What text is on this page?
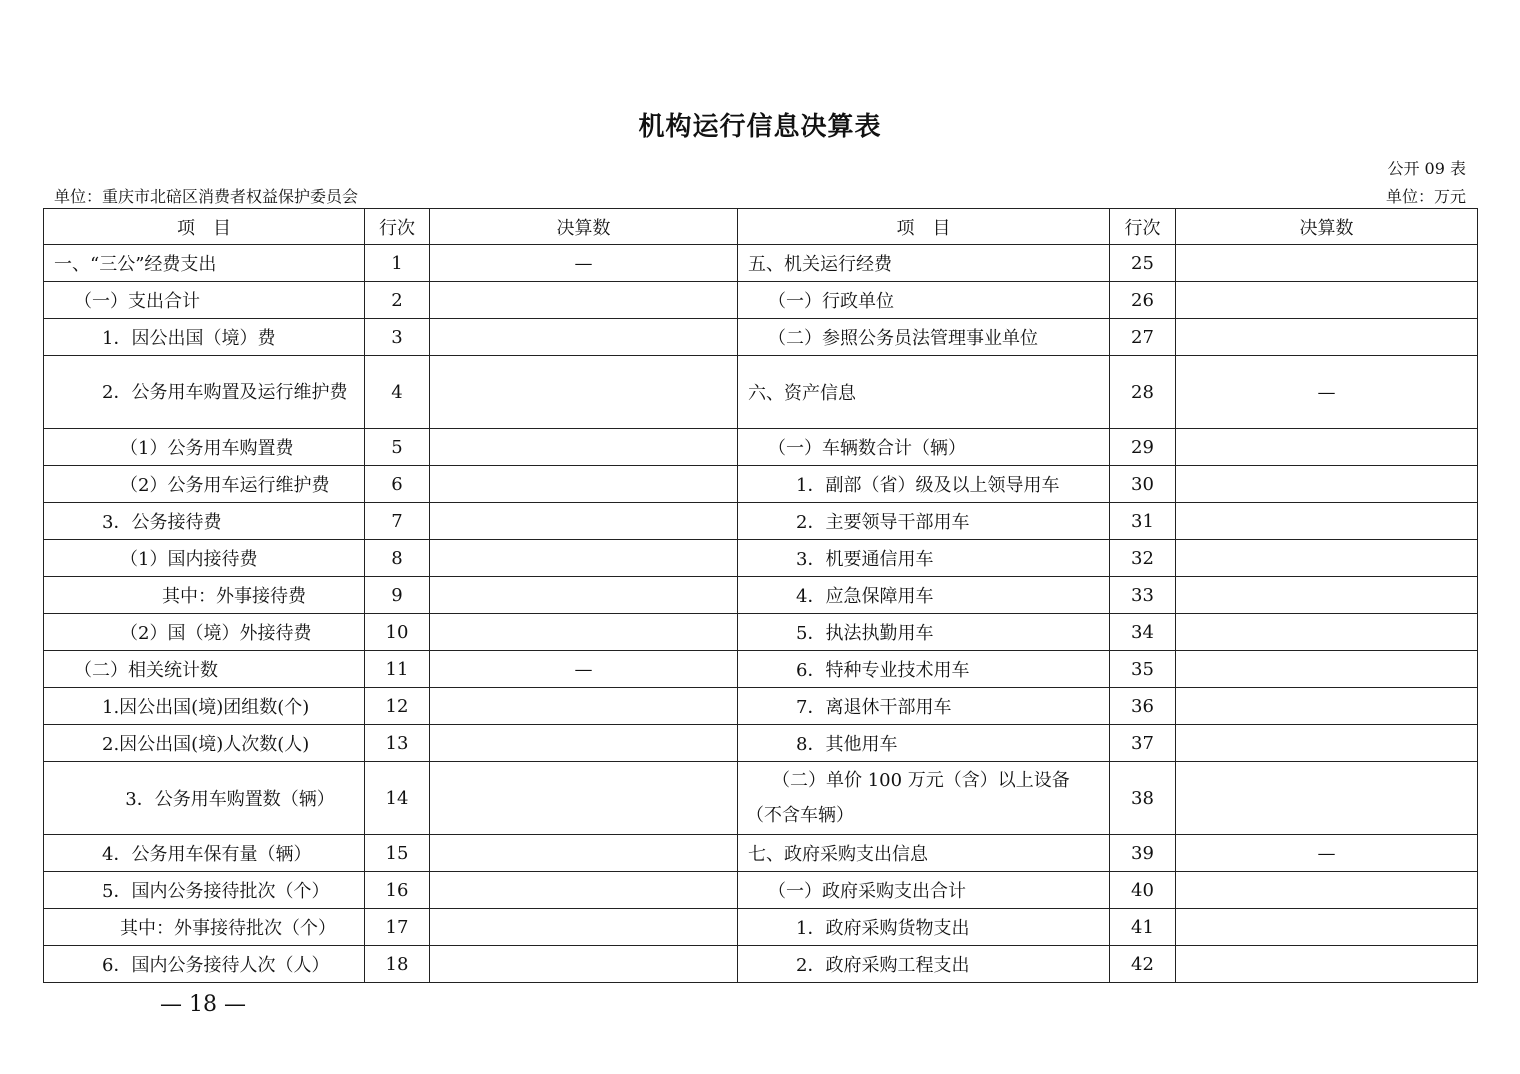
机构运行信息决算表
公开 09 表
单位：重庆市北碚区消费者权益保护委员会	单位：万元
项　目	行次	决算数	项　目	行次	决算数
一、“三公”经费支出	1	—	五、机关运行经费	25	
（一）支出合计	2		（一）行政单位	26	
1．因公出国（境）费	3		（二）参照公务员法管理事业单位	27	
2．公务用车购置及运行维护费	4		六、资产信息	28	—
（1）公务用车购置费	5		（一）车辆数合计（辆）	29	
（2）公务用车运行维护费	6		1．副部（省）级及以上领导用车	30	
3．公务接待费	7		2．主要领导干部用车	31	
（1）国内接待费	8		3．机要通信用车	32	
其中：外事接待费	9		4．应急保障用车	33	
（2）国（境）外接待费	10		5．执法执勤用车	34	
（二）相关统计数	11	—	6．特种专业技术用车	35	
1.因公出国(境)团组数(个)	12		7．离退休干部用车	36	
2.因公出国(境)人次数(人)	13		8．其他用车	37	
3．公务用车购置数（辆）	14		（二）单价 100 万元（含）以上设备（不含车辆）	38	
4．公务用车保有量（辆）	15		七、政府采购支出信息	39	—
5．国内公务接待批次（个）	16		（一）政府采购支出合计	40	
其中：外事接待批次（个）	17		1．政府采购货物支出	41	
6．国内公务接待人次（人）	18		2．政府采购工程支出	42	
— 18 —
